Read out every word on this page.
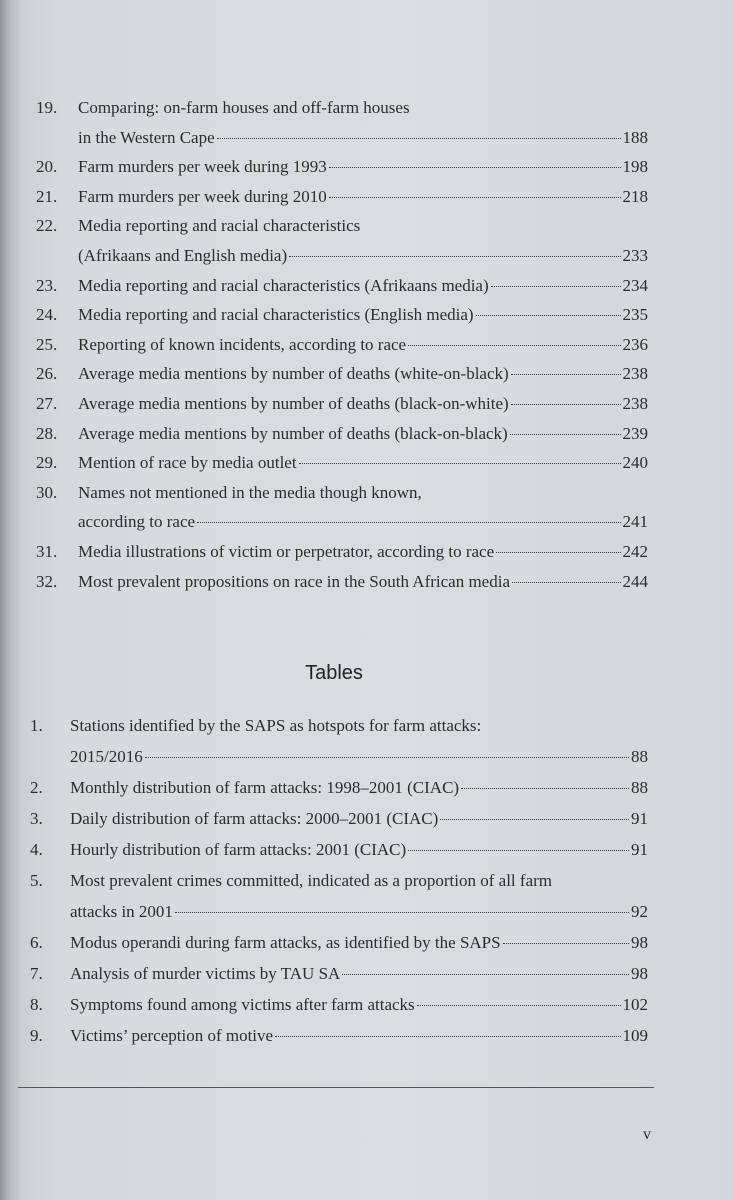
19. Comparing: on-farm houses and off-farm houses
in the Western Cape	188
20. Farm murders per week during 1993	198
21. Farm murders per week during 2010	218
22. Media reporting and racial characteristics
(Afrikaans and English media)	233
23. Media reporting and racial characteristics (Afrikaans media)	234
24. Media reporting and racial characteristics (English media)	235
25. Reporting of known incidents, according to race	236
26. Average media mentions by number of deaths (white-on-black)	238
27. Average media mentions by number of deaths (black-on-white)	238
28. Average media mentions by number of deaths (black-on-black)	239
29. Mention of race by media outlet	240
30. Names not mentioned in the media though known,
according to race	241
31. Media illustrations of victim or perpetrator, according to race	242
32. Most prevalent propositions on race in the South African media	244
Tables
1. Stations identified by the SAPS as hotspots for farm attacks:
2015/2016	88
2. Monthly distribution of farm attacks: 1998–2001 (CIAC)	88
3. Daily distribution of farm attacks: 2000–2001 (CIAC)	91
4. Hourly distribution of farm attacks: 2001 (CIAC)	91
5. Most prevalent crimes committed, indicated as a proportion of all farm
attacks in 2001	92
6. Modus operandi during farm attacks, as identified by the SAPS	98
7. Analysis of murder victims by TAU SA	98
8. Symptoms found among victims after farm attacks	102
9. Victims’ perception of motive	109
v
